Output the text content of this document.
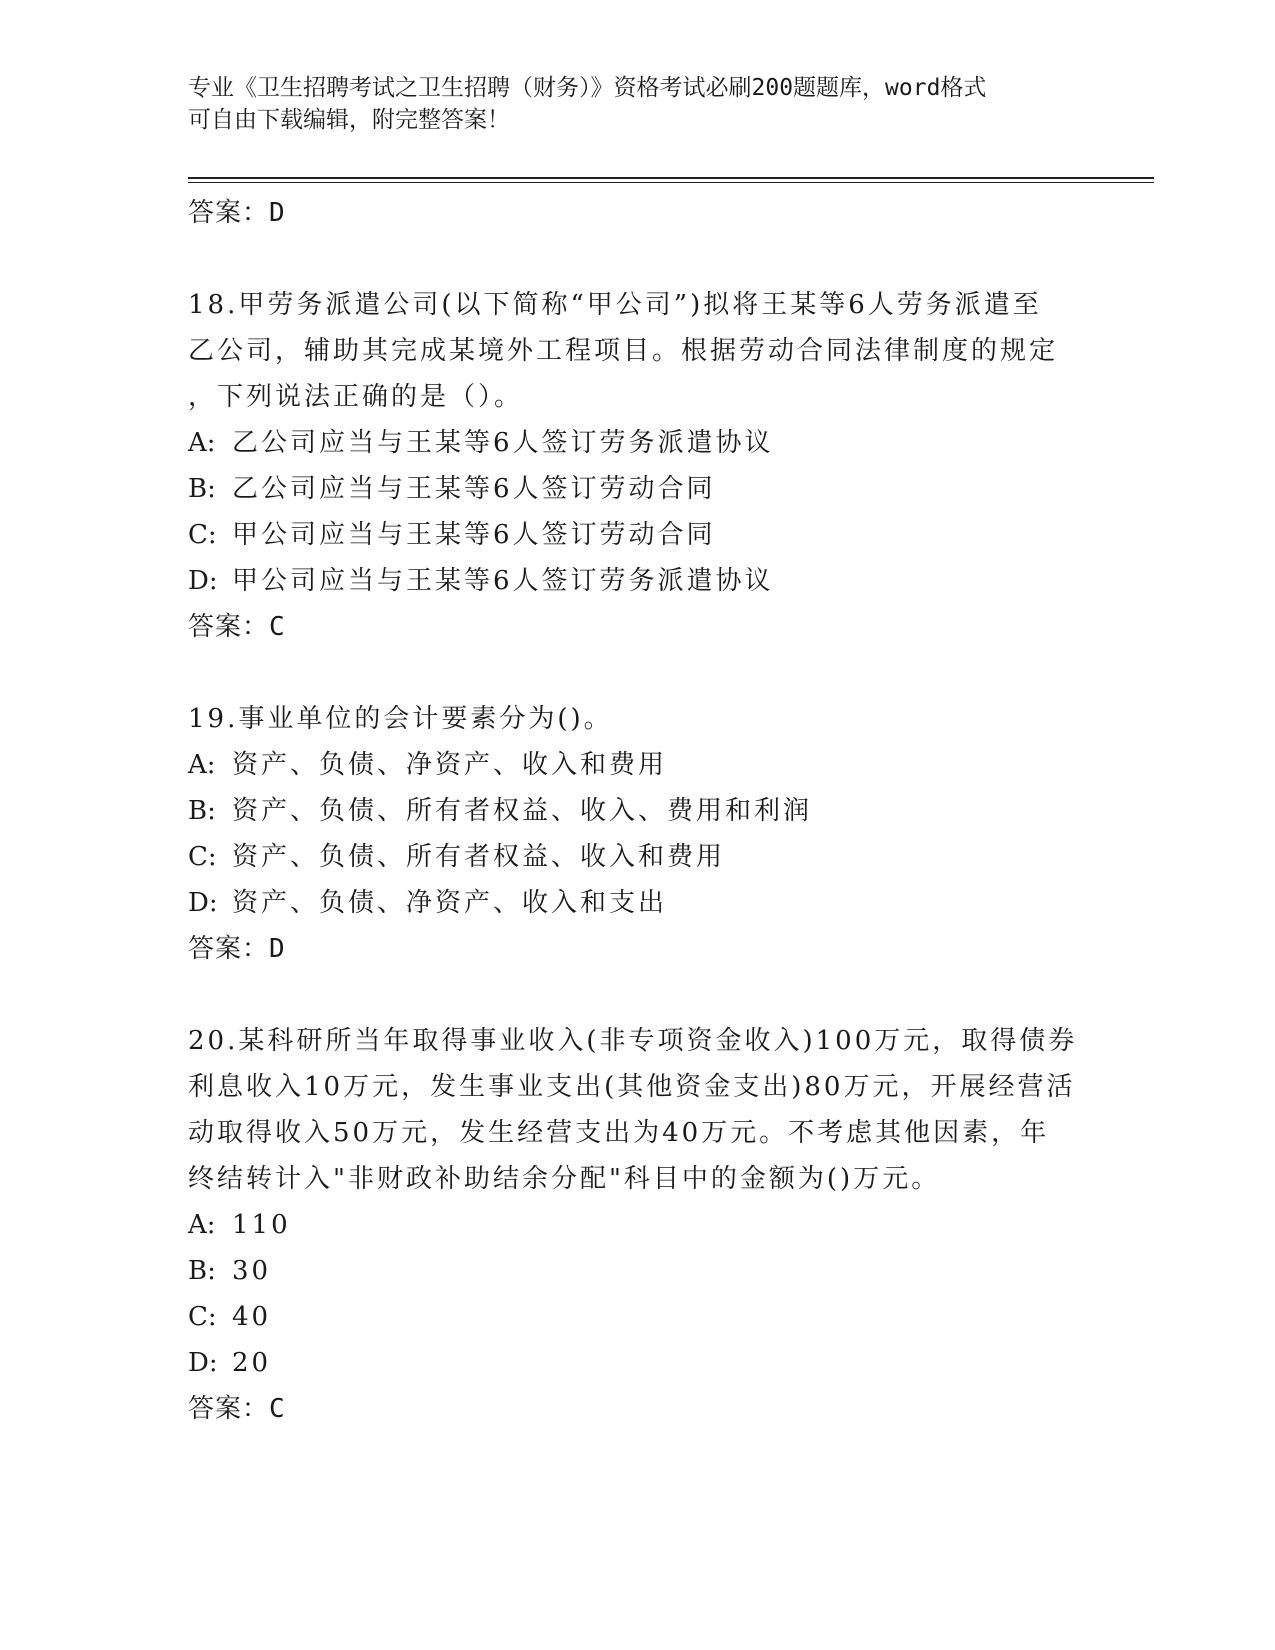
专业《卫生招聘考试之卫生招聘（财务）》资格考试必刷200题题库，word格式
可自由下载编辑，附完整答案！
答案：D
18.甲劳务派遣公司(以下简称“甲公司”)拟将王某等6人劳务派遣至
乙公司，辅助其完成某境外工程项目。根据劳动合同法律制度的规定
，下列说法正确的是（）。
A: 乙公司应当与王某等6人签订劳务派遣协议
B: 乙公司应当与王某等6人签订劳动合同
C: 甲公司应当与王某等6人签订劳动合同
D: 甲公司应当与王某等6人签订劳务派遣协议
答案：C
19.事业单位的会计要素分为()。
A: 资产、负债、净资产、收入和费用
B: 资产、负债、所有者权益、收入、费用和利润
C: 资产、负债、所有者权益、收入和费用
D: 资产、负债、净资产、收入和支出
答案：D
20.某科研所当年取得事业收入(非专项资金收入)100万元，取得债券
利息收入10万元，发生事业支出(其他资金支出)80万元，开展经营活
动取得收入50万元，发生经营支出为40万元。不考虑其他因素，年
终结转计入"非财政补助结余分配"科目中的金额为()万元。
A: 110
B: 30
C: 40
D: 20
答案：C
